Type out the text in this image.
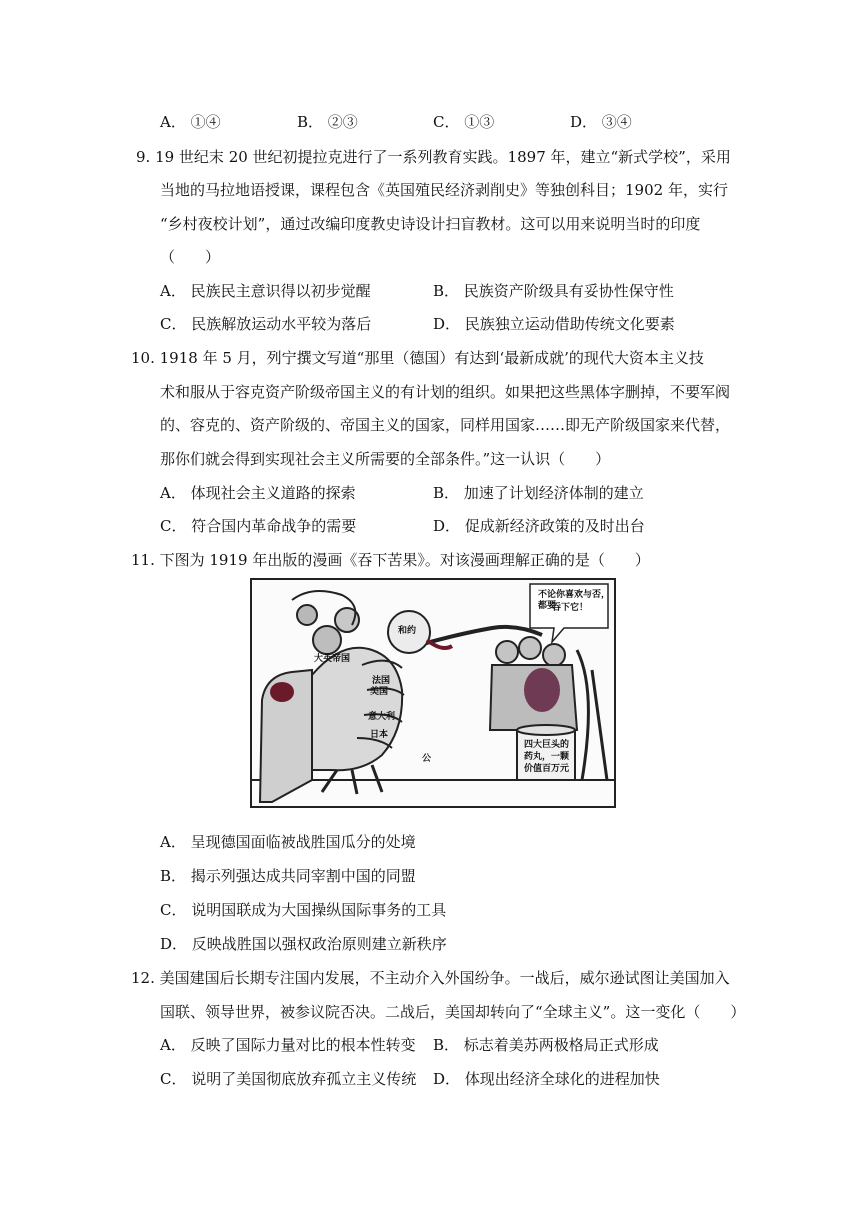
A． ①④	B． ②③	C． ①③	D． ③④
9. 19 世纪末 20 世纪初提拉克进行了一系列教育实践。1897 年，建立“新式学校”，采用
当地的马拉地语授课，课程包含《英国殖民经济剥削史》等独创科目；1902 年，实行
“乡村夜校计划”，通过改编印度教史诗设计扫盲教材。这可以用来说明当时的印度
（　　）
A． 民族民主意识得以初步觉醒	B． 民族资产阶级具有妥协性保守性
C． 民族解放运动水平较为落后	D． 民族独立运动借助传统文化要素
10. 1918 年 5 月，列宁撰文写道“那里（德国）有达到‘最新成就’的现代大资本主义技
术和服从于容克资产阶级帝国主义的有计划的组织。如果把这些黑体字删掉，不要军阀
的、容克的、资产阶级的、帝国主义的国家，同样用国家……即无产阶级国家来代替，
那你们就会得到实现社会主义所需要的全部条件。”这一认识（　　）
A． 体现社会主义道路的探索	B． 加速了计划经济体制的建立
C． 符合国内革命战争的需要	D． 促成新经济政策的及时出台
11. 下图为 1919 年出版的漫画《吞下苦果》。对该漫画理解正确的是（　　）
不论你喜欢与否，都要
吞下它！
和约
大英帝国
法国
美国
意大利
日本
公
四大巨头的
药丸，一颗
价值百万元
A． 呈现德国面临被战胜国瓜分的处境
B． 揭示列强达成共同宰割中国的同盟
C． 说明国联成为大国操纵国际事务的工具
D． 反映战胜国以强权政治原则建立新秩序
12. 美国建国后长期专注国内发展，不主动介入外国纷争。一战后，威尔逊试图让美国加入
国联、领导世界，被参议院否决。二战后，美国却转向了“全球主义”。这一变化（　　）
A． 反映了国际力量对比的根本性转变 B． 标志着美苏两极格局正式形成
C． 说明了美国彻底放弃孤立主义传统 D． 体现出经济全球化的进程加快
